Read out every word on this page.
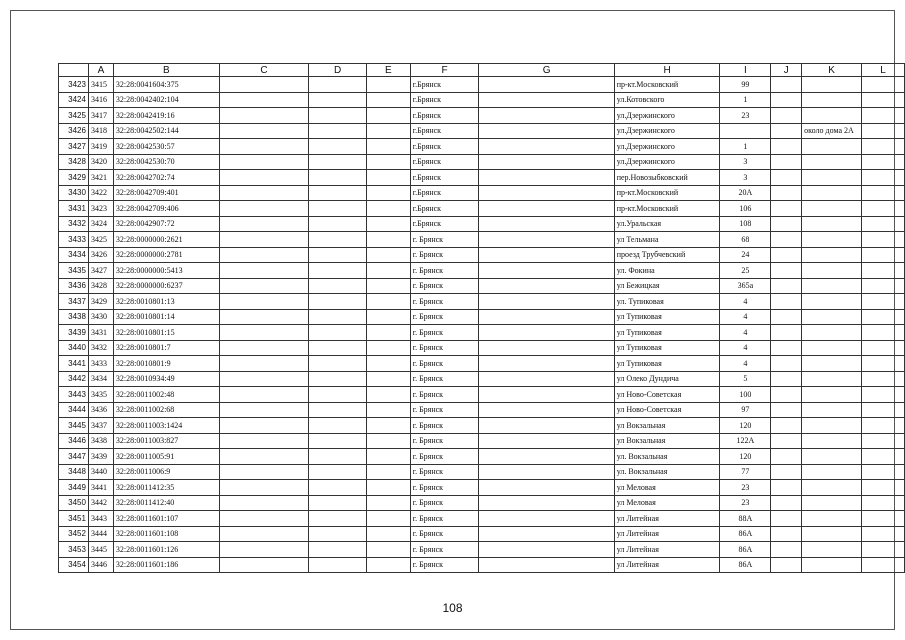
	A	B	C	D	E	F	G	H	I	J	K	L
3423	3415	32:28:0041604:375				г.Брянск		пр-кт.Московский	99			
3424	3416	32:28:0042402:104				г.Брянск		ул.Котовского	1			
3425	3417	32:28:0042419:16				г.Брянск		ул.Дзержинского	23			
3426	3418	32:28:0042502:144				г.Брянск		ул.Дзержинского			около дома 2А	
3427	3419	32:28:0042530:57				г.Брянск		ул.Дзержинского	1			
3428	3420	32:28:0042530:70				г.Брянск		ул.Дзержинского	3			
3429	3421	32:28:0042702:74				г.Брянск		пер.Новозыбковский	3			
3430	3422	32:28:0042709:401				г.Брянск		пр-кт.Московский	20А			
3431	3423	32:28:0042709:406				г.Брянск		пр-кт.Московский	106			
3432	3424	32:28:0042907:72				г.Брянск		ул.Уральская	108			
3433	3425	32:28:0000000:2621				г. Брянск		ул Тельмана	68			
3434	3426	32:28:0000000:2781				г. Брянск		проезд Трубчевский	24			
3435	3427	32:28:0000000:5413				г. Брянск		ул. Фокина	25			
3436	3428	32:28:0000000:6237				г. Брянск		ул Бежицкая	365а			
3437	3429	32:28:0010801:13				г. Брянск		ул. Тупиковая	4			
3438	3430	32:28:0010801:14				г. Брянск		ул Тупиковая	4			
3439	3431	32:28:0010801:15				г. Брянск		ул Тупиковая	4			
3440	3432	32:28:0010801:7				г. Брянск		ул Тупиковая	4			
3441	3433	32:28:0010801:9				г. Брянск		ул Тупиковая	4			
3442	3434	32:28:0010934:49				г. Брянск		ул Олеко Дундича	5			
3443	3435	32:28:0011002:48				г. Брянск		ул Ново-Советская	100			
3444	3436	32:28:0011002:68				г. Брянск		ул Ново-Советская	97			
3445	3437	32:28:0011003:1424				г. Брянск		ул Вокзальная	120			
3446	3438	32:28:0011003:827				г. Брянск		ул Вокзальная	122А			
3447	3439	32:28:0011005:91				г. Брянск		ул. Вокзальная	120			
3448	3440	32:28:0011006:9				г. Брянск		ул. Вокзальная	77			
3449	3441	32:28:0011412:35				г. Брянск		ул Меловая	23			
3450	3442	32:28:0011412:40				г. Брянск		ул Меловая	23			
3451	3443	32:28:0011601:107				г. Брянск		ул Литейная	88А			
3452	3444	32:28:0011601:108				г. Брянск		ул Литейная	86А			
3453	3445	32:28:0011601:126				г. Брянск		ул Литейная	86А			
3454	3446	32:28:0011601:186				г. Брянск		ул Литейная	86А			
108
